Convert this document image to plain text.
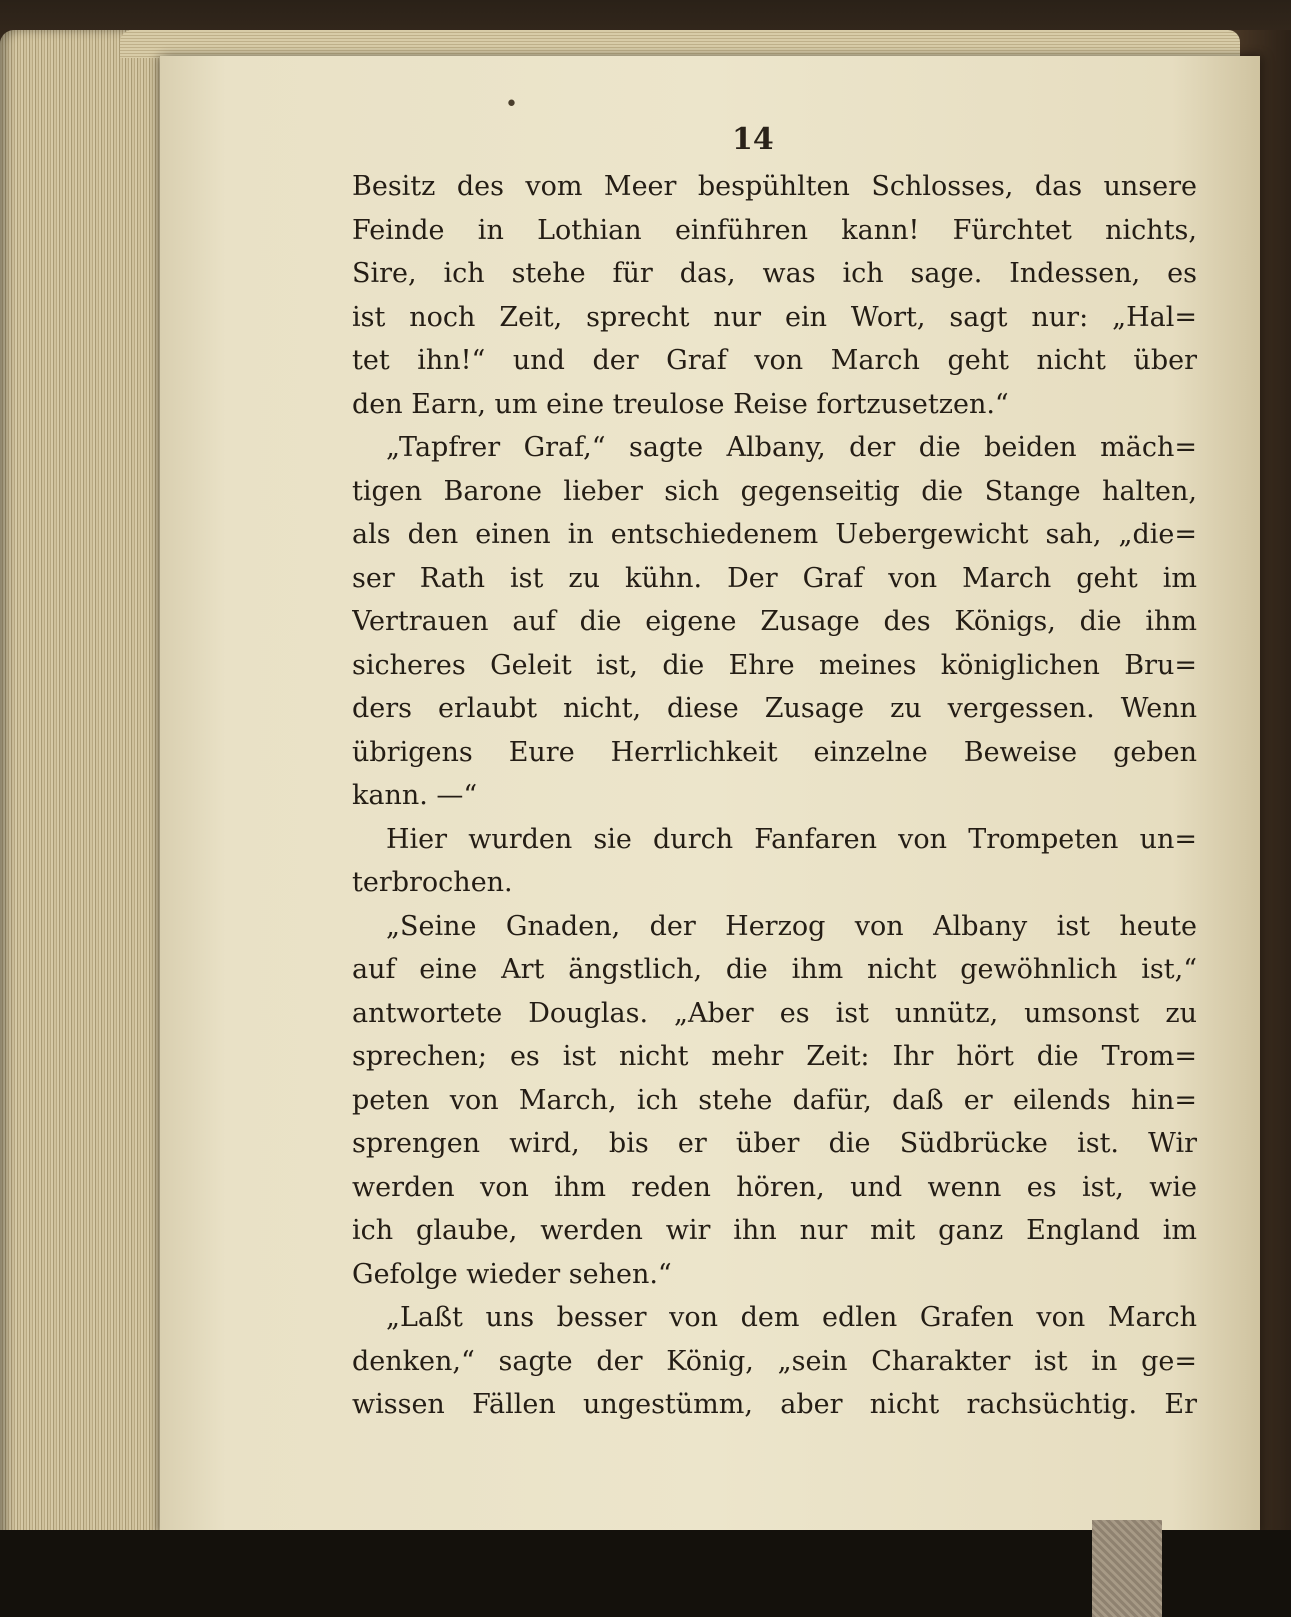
•
14
Besitz des vom Meer bespühlten Schlosses, das unsere
Feinde in Lothian einführen kann! Fürchtet nichts,
Sire, ich stehe für das, was ich sage. Indessen, es
ist noch Zeit, sprecht nur ein Wort, sagt nur: „Hal=
tet ihn!“ und der Graf von March geht nicht über
den Earn, um eine treulose Reise fortzusetzen.“
„Tapfrer Graf,“ sagte Albany, der die beiden mäch=
tigen Barone lieber sich gegenseitig die Stange halten,
als den einen in entschiedenem Uebergewicht sah, „die=
ser Rath ist zu kühn. Der Graf von March geht im
Vertrauen auf die eigene Zusage des Königs, die ihm
sicheres Geleit ist, die Ehre meines königlichen Bru=
ders erlaubt nicht, diese Zusage zu vergessen. Wenn
übrigens Eure Herrlichkeit einzelne Beweise geben
kann. —“
Hier wurden sie durch Fanfaren von Trompeten un=
terbrochen.
„Seine Gnaden, der Herzog von Albany ist heute
auf eine Art ängstlich, die ihm nicht gewöhnlich ist,“
antwortete Douglas. „Aber es ist unnütz, umsonst zu
sprechen; es ist nicht mehr Zeit: Ihr hört die Trom=
peten von March, ich stehe dafür, daß er eilends hin=
sprengen wird, bis er über die Südbrücke ist. Wir
werden von ihm reden hören, und wenn es ist, wie
ich glaube, werden wir ihn nur mit ganz England im
Gefolge wieder sehen.“
„Laßt uns besser von dem edlen Grafen von March
denken,“ sagte der König, „sein Charakter ist in ge=
wissen Fällen ungestümm, aber nicht rachsüchtig. Er
